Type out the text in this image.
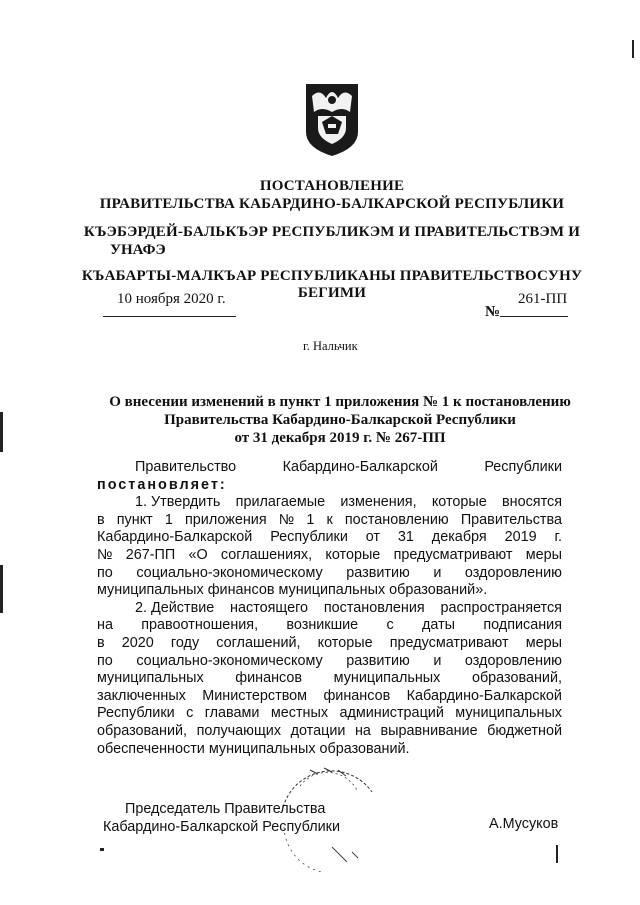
ПОСТАНОВЛЕНИЕ
ПРАВИТЕЛЬСТВА КАБАРДИНО-БАЛКАРСКОЙ РЕСПУБЛИКИ
КЪЭБЭРДЕЙ-БАЛЬКЪЭР РЕСПУБЛИКЭМ И ПРАВИТЕЛЬСТВЭМ И
УНАФЭ
КЪАБАРТЫ-МАЛКЪАР РЕСПУБЛИКАНЫ ПРАВИТЕЛЬСТВОСУНУ
БЕГИМИ
10 ноября 2020 г.
№
261-ПП
г. Нальчик
О внесении изменений в пункт 1 приложения № 1 к постановлению
Правительства Кабардино-Балкарской Республики
от 31 декабря 2019 г. № 267-ПП
Правительство	Кабардино-Балкарской	Республики
постановляет:
1. Утвердить прилагаемые изменения, которые вносятся
в пункт 1 приложения № 1 к постановлению Правительства
Кабардино-Балкарской Республики от 31 декабря 2019 г.
№ 267-ПП «О соглашениях, которые предусматривают меры
по социально-экономическому развитию и оздоровлению
муниципальных финансов муниципальных образований».
2. Действие настоящего постановления распространяется
на правоотношения, возникшие с даты подписания
в 2020 году соглашений, которые предусматривают меры
по социально-экономическому развитию и оздоровлению
муниципальных финансов муниципальных образований,
заключенных Министерством финансов Кабардино-Балкарской
Республики с главами местных администраций муниципальных
образований, получающих дотации на выравнивание бюджетной
обеспеченности муниципальных образований.
Председатель Правительства
Кабардино-Балкарской Республики	А.Мусуков
